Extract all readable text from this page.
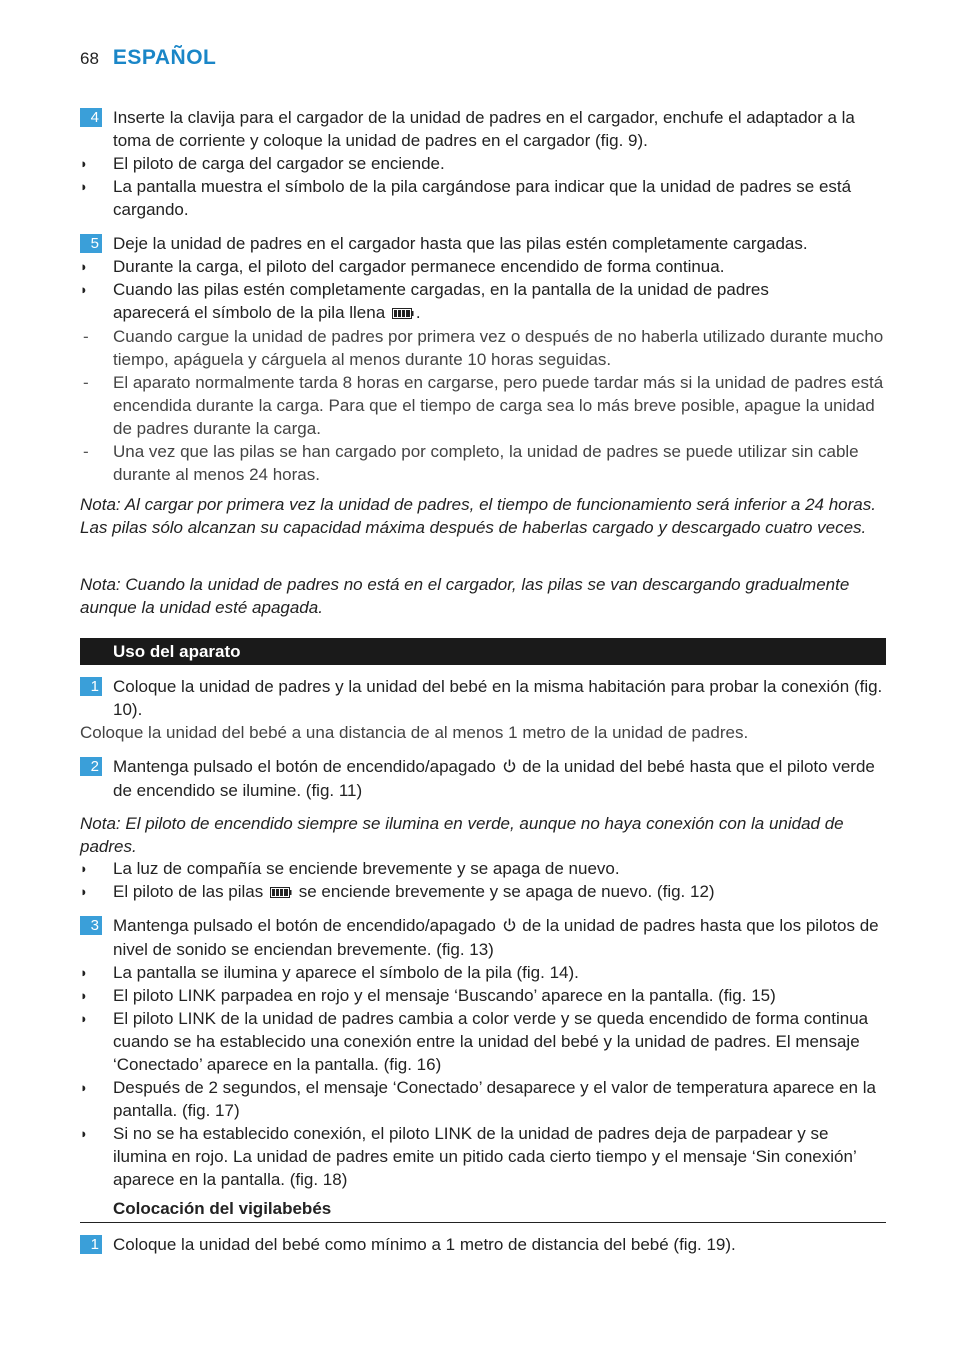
68 ESPAÑOL
4 Inserte la clavija para el cargador de la unidad de padres en el cargador, enchufe el adaptador a la toma de corriente y coloque la unidad de padres en el cargador (fig. 9).
◗ El piloto de carga del cargador se enciende.
◗ La pantalla muestra el símbolo de la pila cargándose para indicar que la unidad de padres se está cargando.
5 Deje la unidad de padres en el cargador hasta que las pilas estén completamente cargadas.
◗ Durante la carga, el piloto del cargador permanece encendido de forma continua.
◗ Cuando las pilas estén completamente cargadas, en la pantalla de la unidad de padres
aparecerá el símbolo de la pila llena .
- Cuando cargue la unidad de padres por primera vez o después de no haberla utilizado durante mucho tiempo, apáguela y cárguela al menos durante 10 horas seguidas.
- El aparato normalmente tarda 8 horas en cargarse, pero puede tardar más si la unidad de padres está encendida durante la carga. Para que el tiempo de carga sea lo más breve posible, apague la unidad de padres durante la carga.
- Una vez que las pilas se han cargado por completo, la unidad de padres se puede utilizar sin cable durante al menos 24 horas.
Nota: Al cargar por primera vez la unidad de padres, el tiempo de funcionamiento será inferior a 24 horas. Las pilas sólo alcanzan su capacidad máxima después de haberlas cargado y descargado cuatro veces.
Nota: Cuando la unidad de padres no está en el cargador, las pilas se van descargando gradualmente aunque la unidad esté apagada.
Uso del aparato
1 Coloque la unidad de padres y la unidad del bebé en la misma habitación para probar la conexión (fig. 10).
Coloque la unidad del bebé a una distancia de al menos 1 metro de la unidad de padres.
2 Mantenga pulsado el botón de encendido/apagado de la unidad del bebé hasta que el piloto verde de encendido se ilumine. (fig. 11)
Nota: El piloto de encendido siempre se ilumina en verde, aunque no haya conexión con la unidad de padres.
◗ La luz de compañía se enciende brevemente y se apaga de nuevo.
◗ El piloto de las pilas se enciende brevemente y se apaga de nuevo. (fig. 12)
3 Mantenga pulsado el botón de encendido/apagado de la unidad de padres hasta que los pilotos de nivel de sonido se enciendan brevemente. (fig. 13)
◗ La pantalla se ilumina y aparece el símbolo de la pila (fig. 14).
◗ El piloto LINK parpadea en rojo y el mensaje ‘Buscando’ aparece en la pantalla. (fig. 15)
◗ El piloto LINK de la unidad de padres cambia a color verde y se queda encendido de forma continua cuando se ha establecido una conexión entre la unidad del bebé y la unidad de padres. El mensaje ‘Conectado’ aparece en la pantalla. (fig. 16)
◗ Después de 2 segundos, el mensaje ‘Conectado’ desaparece y el valor de temperatura aparece en la pantalla. (fig. 17)
◗ Si no se ha establecido conexión, el piloto LINK de la unidad de padres deja de parpadear y se ilumina en rojo. La unidad de padres emite un pitido cada cierto tiempo y el mensaje ‘Sin conexión’ aparece en la pantalla. (fig. 18)
Colocación del vigilabebés
1 Coloque la unidad del bebé como mínimo a 1 metro de distancia del bebé (fig. 19).
